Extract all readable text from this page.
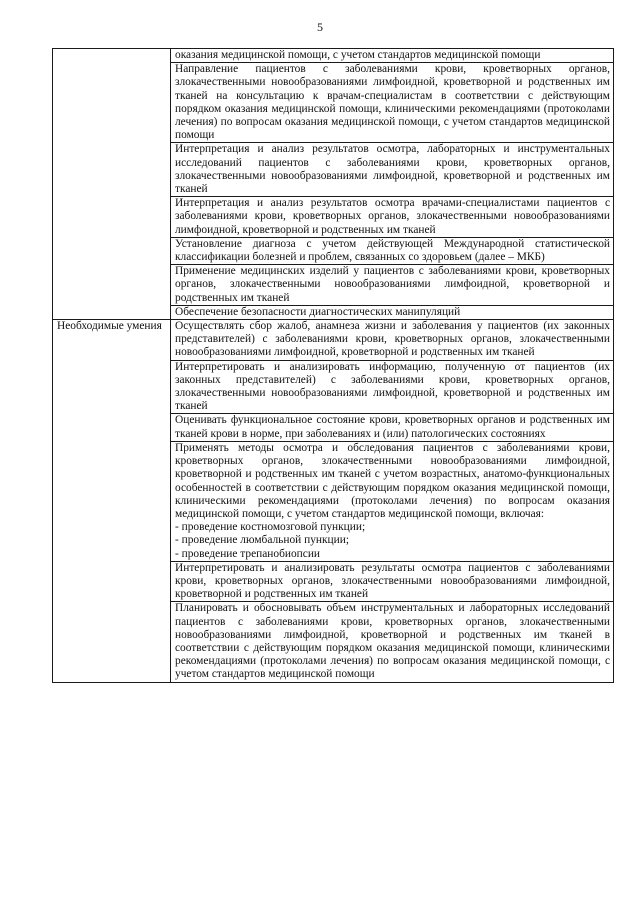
5
	оказания медицинской помощи, с учетом стандартов медицинской помощи
	Направление пациентов с заболеваниями крови, кроветворных органов, злокачественными новообразованиями лимфоидной, кроветворной и родственных им тканей на консультацию к врачам-специалистам в соответствии с действующим порядком оказания медицинской помощи, клиническими рекомендациями (протоколами лечения) по вопросам оказания медицинской помощи, с учетом стандартов медицинской помощи
	Интерпретация и анализ результатов осмотра, лабораторных и инструментальных исследований пациентов с заболеваниями крови, кроветворных органов, злокачественными новообразованиями лимфоидной, кроветворной и родственных им тканей
	Интерпретация и анализ результатов осмотра врачами-специалистами пациентов с заболеваниями крови, кроветворных органов, злокачественными новообразованиями лимфоидной, кроветворной и родственных им тканей
	Установление диагноза с учетом действующей Международной статистической классификации болезней и проблем, связанных со здоровьем (далее – МКБ)
	Применение медицинских изделий у пациентов с заболеваниями крови, кроветворных органов, злокачественными новообразованиями лимфоидной, кроветворной и родственных им тканей
	Обеспечение безопасности диагностических манипуляций
Необходимые умения	Осуществлять сбор жалоб, анамнеза жизни и заболевания у пациентов (их законных представителей) с заболеваниями крови, кроветворных органов, злокачественными новообразованиями лимфоидной, кроветворной и родственных им тканей
	Интерпретировать и анализировать информацию, полученную от пациентов (их законных представителей) с заболеваниями крови, кроветворных органов, злокачественными новообразованиями лимфоидной, кроветворной и родственных им тканей
	Оценивать функциональное состояние крови, кроветворных органов и родственных им тканей крови в норме, при заболеваниях и (или) патологических состояниях
	Применять методы осмотра и обследования пациентов с заболеваниями крови, кроветворных органов, злокачественными новообразованиями лимфоидной, кроветворной и родственных им тканей с учетом возрастных, анатомо-функциональных особенностей в соответствии с действующим порядком оказания медицинской помощи, клиническими рекомендациями (протоколами лечения) по вопросам оказания медицинской помощи, с учетом стандартов медицинской помощи, включая:
- проведение костномозговой пункции;
- проведение люмбальной пункции;
- проведение трепанобиопсии

	Интерпретировать и анализировать результаты осмотра пациентов с заболеваниями крови, кроветворных органов, злокачественными новообразованиями лимфоидной, кроветворной и родственных им тканей
	Планировать и обосновывать объем инструментальных и лабораторных исследований пациентов с заболеваниями крови, кроветворных органов, злокачественными новообразованиями лимфоидной, кроветворной и родственных им тканей в соответствии с действующим порядком оказания медицинской помощи, клиническими рекомендациями (протоколами лечения) по вопросам оказания медицинской помощи, с учетом стандартов медицинской помощи
